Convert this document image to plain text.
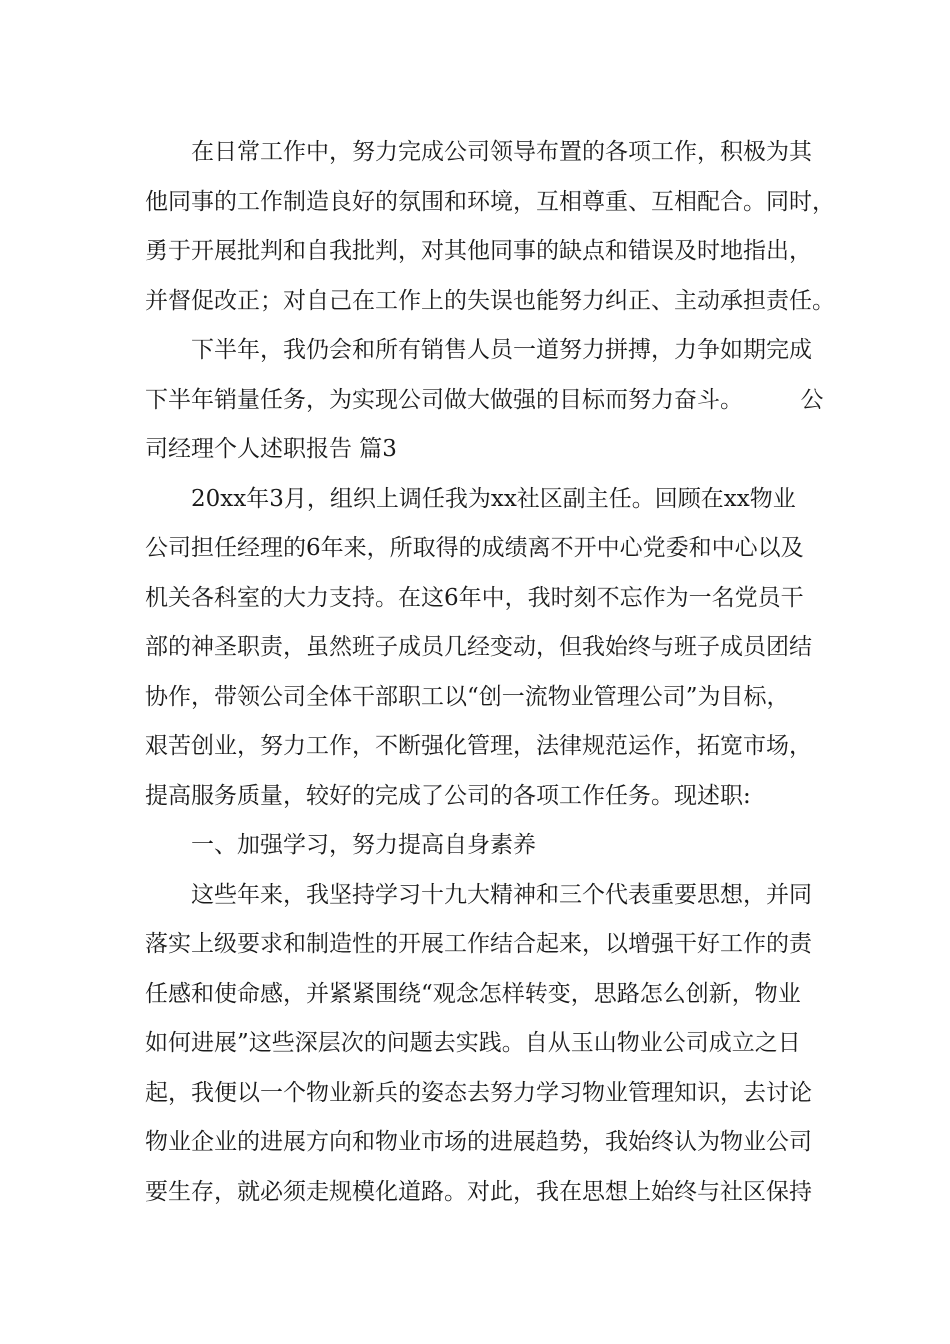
在日常工作中，努力完成公司领导布置的各项工作，积极为其
他同事的工作制造良好的氛围和环境，互相尊重、互相配合。同时，
勇于开展批判和自我批判，对其他同事的缺点和错误及时地指出，
并督促改正；对自己在工作上的失误也能努力纠正、主动承担责任。
下半年，我仍会和所有销售人员一道努力拼搏，力争如期完成
下半年销量任务，为实现公司做大做强的目标而努力奋斗。　　　公
司经理个人述职报告 篇3
20xx年3月，组织上调任我为xx社区副主任。回顾在xx物业
公司担任经理的6年来，所取得的成绩离不开中心党委和中心以及
机关各科室的大力支持。在这6年中，我时刻不忘作为一名党员干
部的神圣职责，虽然班子成员几经变动，但我始终与班子成员团结
协作，带领公司全体干部职工以“创一流物业管理公司”为目标，
艰苦创业，努力工作，不断强化管理，法律规范运作，拓宽市场，
提高服务质量，较好的完成了公司的各项工作任务。现述职:
一、加强学习，努力提高自身素养
这些年来，我坚持学习十九大精神和三个代表重要思想，并同
落实上级要求和制造性的开展工作结合起来，以增强干好工作的责
任感和使命感，并紧紧围绕“观念怎样转变，思路怎么创新，物业
如何进展”这些深层次的问题去实践。自从玉山物业公司成立之日
起，我便以一个物业新兵的姿态去努力学习物业管理知识，去讨论
物业企业的进展方向和物业市场的进展趋势，我始终认为物业公司
要生存，就必须走规模化道路。对此，我在思想上始终与社区保持
